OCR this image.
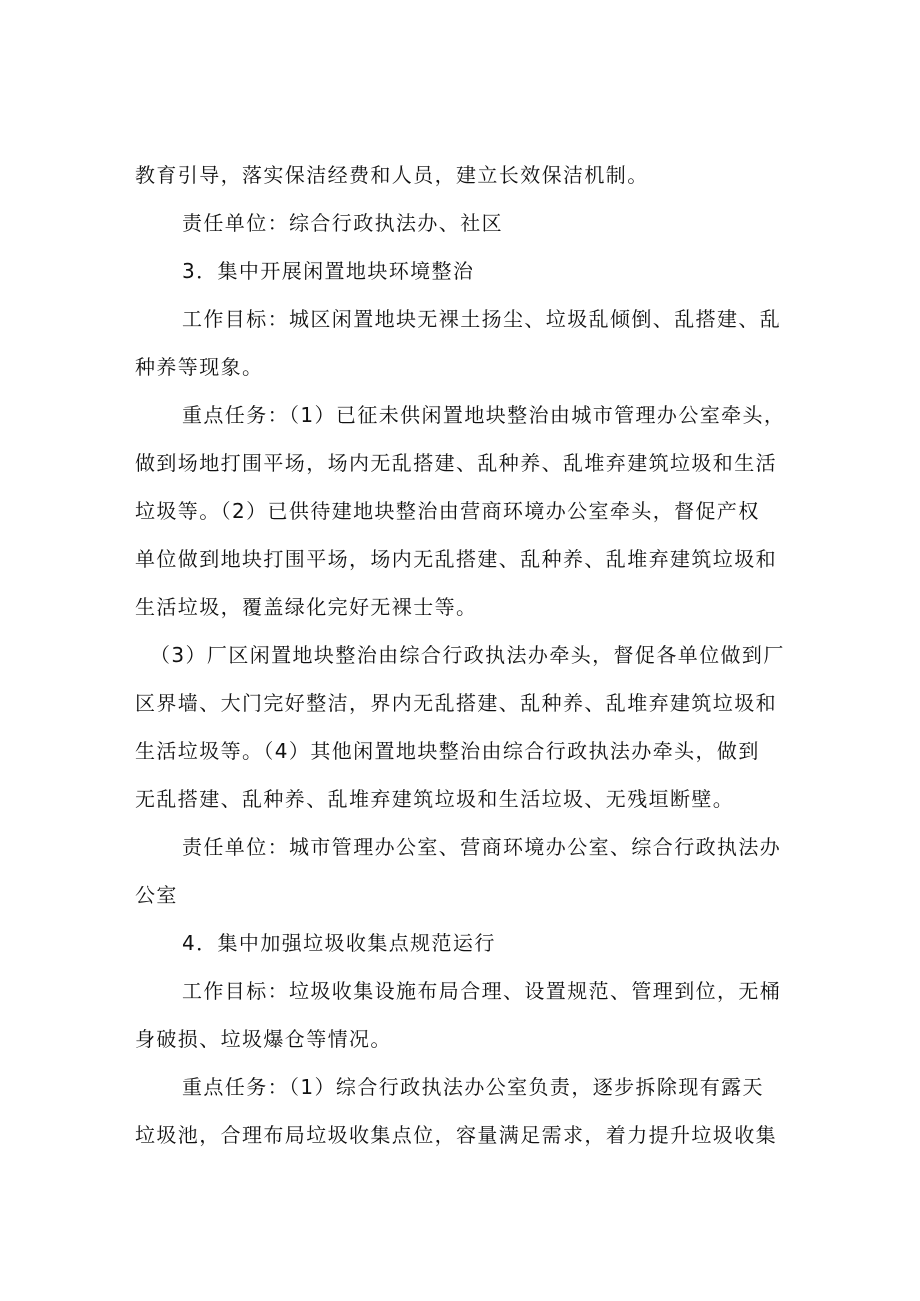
教育引导，落实保洁经费和人员，建立长效保洁机制。
责任单位：综合行政执法办、社区
3．集中开展闲置地块环境整治
工作目标：城区闲置地块无裸土扬尘、垃圾乱倾倒、乱搭建、乱
种养等现象。
重点任务：（1）已征未供闲置地块整治由城市管理办公室牵头，
做到场地打围平场，场内无乱搭建、乱种养、乱堆弃建筑垃圾和生活
垃圾等。（2）已供待建地块整治由营商环境办公室牵头，督促产权
单位做到地块打围平场，场内无乱搭建、乱种养、乱堆弃建筑垃圾和
生活垃圾，覆盖绿化完好无裸士等。
（3）厂区闲置地块整治由综合行政执法办牵头，督促各单位做到厂
区界墙、大门完好整洁，界内无乱搭建、乱种养、乱堆弃建筑垃圾和
生活垃圾等。（4）其他闲置地块整治由综合行政执法办牵头，做到
无乱搭建、乱种养、乱堆弃建筑垃圾和生活垃圾、无残垣断壁。
责任单位：城市管理办公室、营商环境办公室、综合行政执法办
公室
4．集中加强垃圾收集点规范运行
工作目标：垃圾收集设施布局合理、设置规范、管理到位，无桶
身破损、垃圾爆仓等情况。
重点任务：（1）综合行政执法办公室负责，逐步拆除现有露天
垃圾池，合理布局垃圾收集点位，容量满足需求，着力提升垃圾收集
